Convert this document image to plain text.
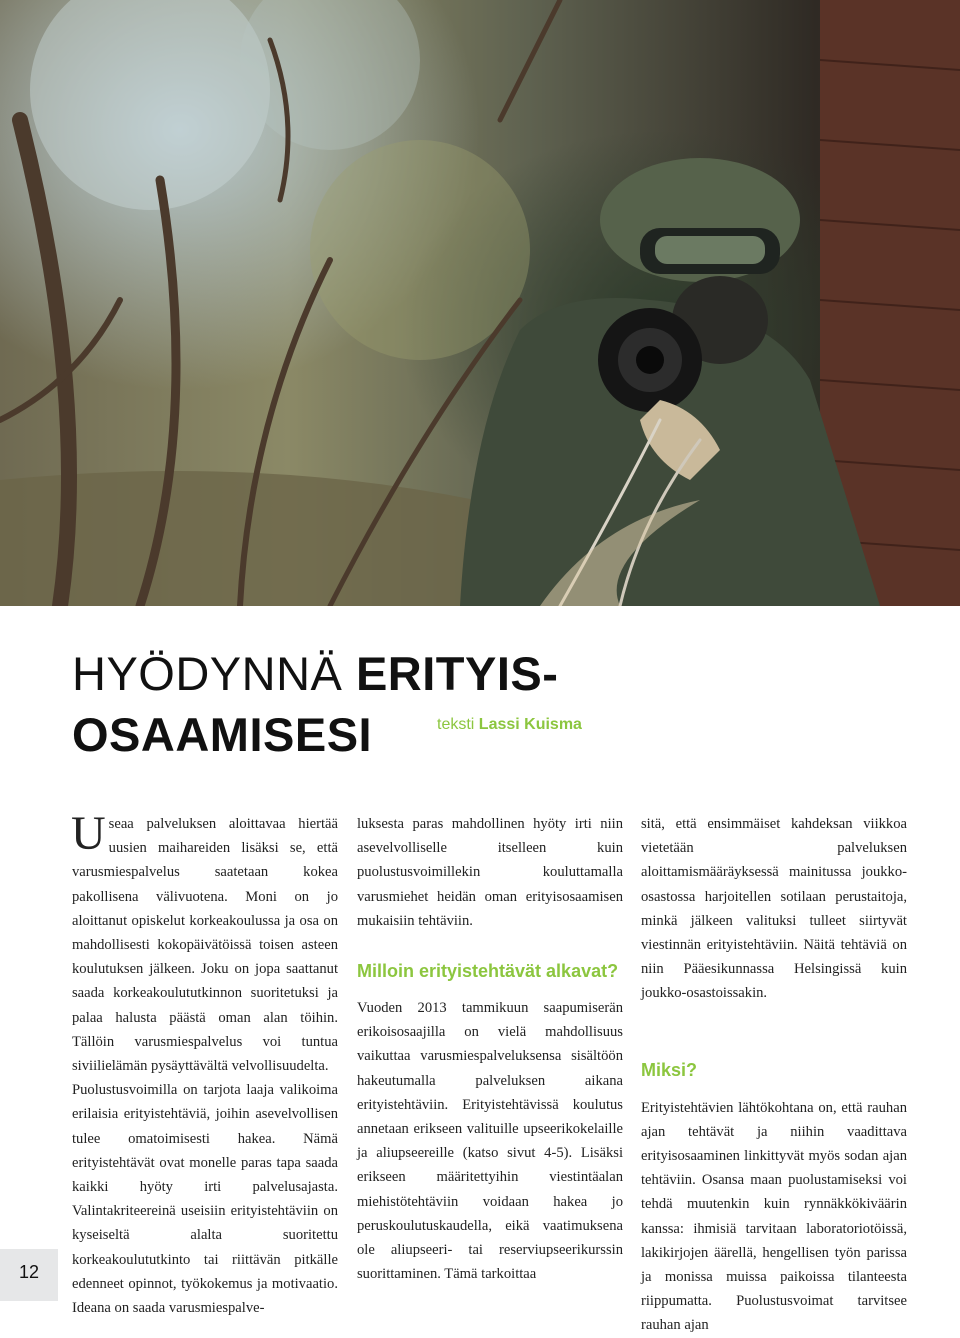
HYÖDYNNÄ ERITYIS-
OSAAMISESI	teksti Lassi Kuisma

Useaa palveluksen aloittavaa hiertää uusien maihareiden lisäksi se, että varusmiespalvelus saatetaan kokea pakollisena välivuotena. Moni on jo aloittanut opiskelut korkeakoulussa ja osa on mahdollisesti kokopäivätöissä toisen asteen koulutuksen jälkeen. Joku on jopa saattanut saada korkeakoulututkinnon suoritetuksi ja palaa halusta päästä oman alan töihin. Tällöin varusmiespalvelus voi tuntua siviilielämän pysäyttävältä velvollisuudelta.

Puolustusvoimilla on tarjota laaja valikoima erilaisia erityistehtäviä, joihin asevelvollisen tulee omatoimisesti hakea. Nämä erityistehtävät ovat monelle paras tapa saada kaikki hyöty irti palvelusajasta. Valintakriteereinä useisiin erityistehtäviin on kyseiseltä alalta suoritettu korkeakoulututkinto tai riittävän pitkälle edenneet opinnot, työkokemus ja motivaatio. Ideana on saada varusmiespalve-

luksesta paras mahdollinen hyöty irti niin asevelvolliselle itselleen kuin puolustusvoimillekin kouluttamalla varusmiehet heidän oman erityisosaamisen mukaisiin tehtäviin.

Milloin erityistehtävät alkavat?

Vuoden 2013 tammikuun saapumiserän erikoisosaajilla on vielä mahdollisuus vaikuttaa varusmiespalveluksensa sisältöön hakeutumalla palveluksen aikana erityistehtäviin. Erityistehtävissä koulutus annetaan erikseen valituille upseerikokelaille ja aliupseereille (katso sivut 4-5). Lisäksi erikseen määritettyihin viestintäalan miehistötehtäviin voidaan hakea jo peruskoulutuskaudella, eikä vaatimuksena ole aliupseeri- tai reserviupseerikurssin suorittaminen. Tämä tarkoittaa

sitä, että ensimmäiset kahdeksan viikkoa vietetään palveluksen aloittamismääräyksessä mainitussa joukko-osastossa harjoitellen sotilaan perustaitoja, minkä jälkeen valituksi tulleet siirtyvät viestinnän erityistehtäviin. Näitä tehtäviä on niin Pääesikunnassa Helsingissä kuin joukko-osastoissakin.

Miksi?

Erityistehtävien lähtökohtana on, että rauhan ajan tehtävät ja niihin vaadittava erityisosaaminen linkittyvät myös sodan ajan tehtäviin. Osansa maan puolustamiseksi voi tehdä muutenkin kuin rynnäkkökiväärin kanssa: ihmisiä tarvitaan laboratoriotöissä, lakikirjojen äärellä, hengellisen työn parissa ja monissa muissa paikoissa tilanteesta riippumatta. Puolustusvoimat tarvitsee rauhan ajan

12
